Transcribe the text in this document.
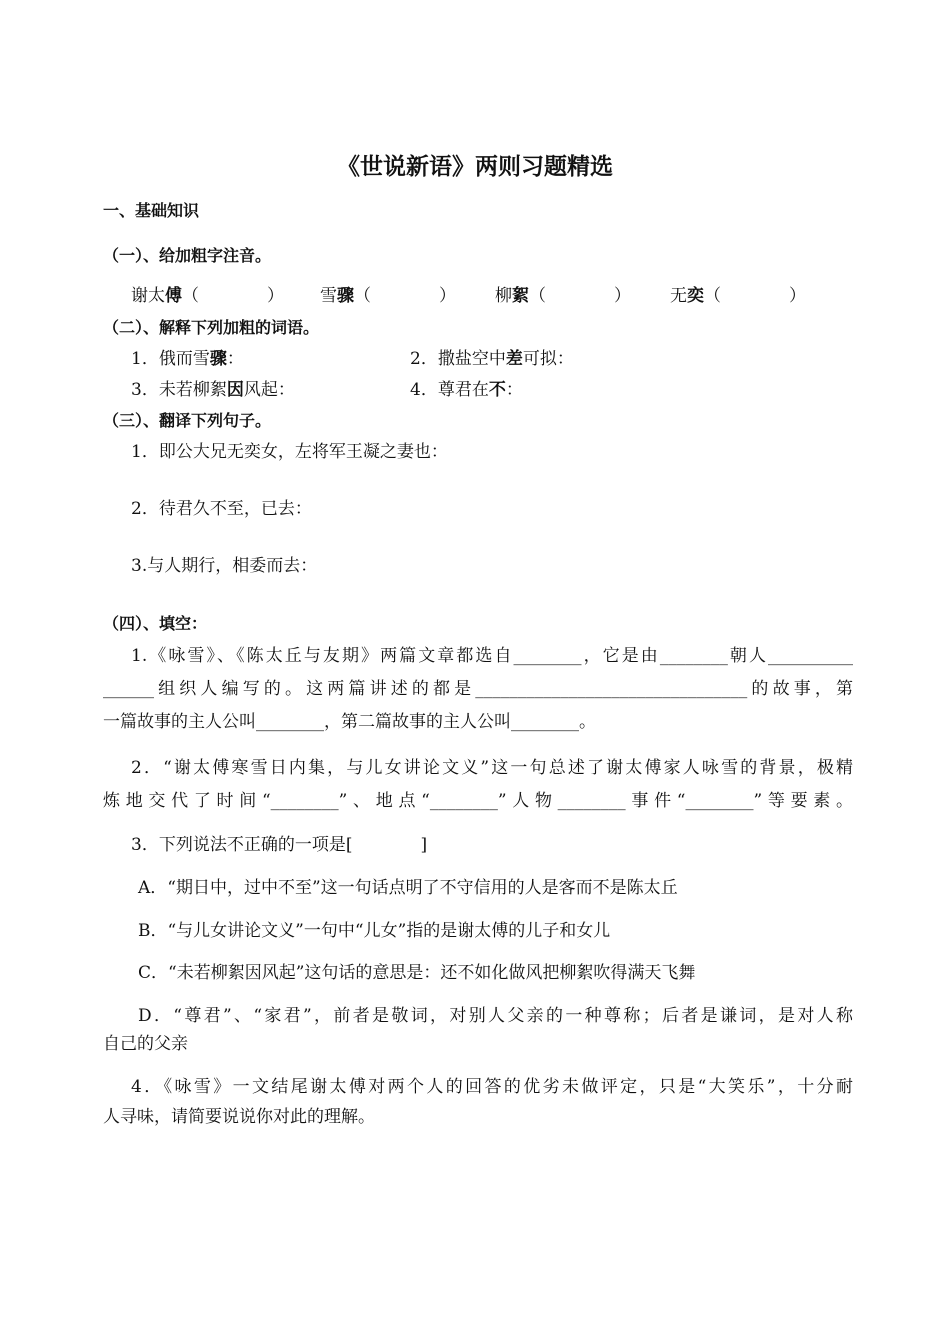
《世说新语》两则习题精选
一、基础知识
（一）、给加粗字注音。
谢太傅（　　　　） 雪骤（　　　　） 柳絮（　　　　） 无奕（　　　　）
（二）、解释下列加粗的词语。
1．俄而雪骤：	2．撒盐空中差可拟：
3．未若柳絮因风起：	4．尊君在不：
（三）、翻译下列句子。
1．即公大兄无奕女，左将军王凝之妻也：
2．待君久不至，已去：
3.与人期行，相委而去：
（四）、填空：
1.《咏雪》、《陈太丘与友期》两篇文章都选自________，它是由________朝人__________
______组织人编写的。这两篇讲述的都是________________________________的故事，第
一篇故事的主人公叫________，第二篇故事的主人公叫________。
2．“谢太傅寒雪日内集，与儿女讲论文义”这一句总述了谢太傅家人咏雪的背景，极精
炼地交代了时间“________”、地点“________”人物________事件“________”等要素。
3．下列说法不正确的一项是[　　　　]
A．“期日中，过中不至”这一句话点明了不守信用的人是客而不是陈太丘
B．“与儿女讲论文义”一句中“儿女”指的是谢太傅的儿子和女儿
C．“未若柳絮因风起”这句话的意思是：还不如化做风把柳絮吹得满天飞舞
D．“尊君”、“家君”，前者是敬词，对别人父亲的一种尊称；后者是谦词，是对人称
自己的父亲
4．《咏雪》一文结尾谢太傅对两个人的回答的优劣未做评定，只是“大笑乐”，十分耐
人寻味，请简要说说你对此的理解。
